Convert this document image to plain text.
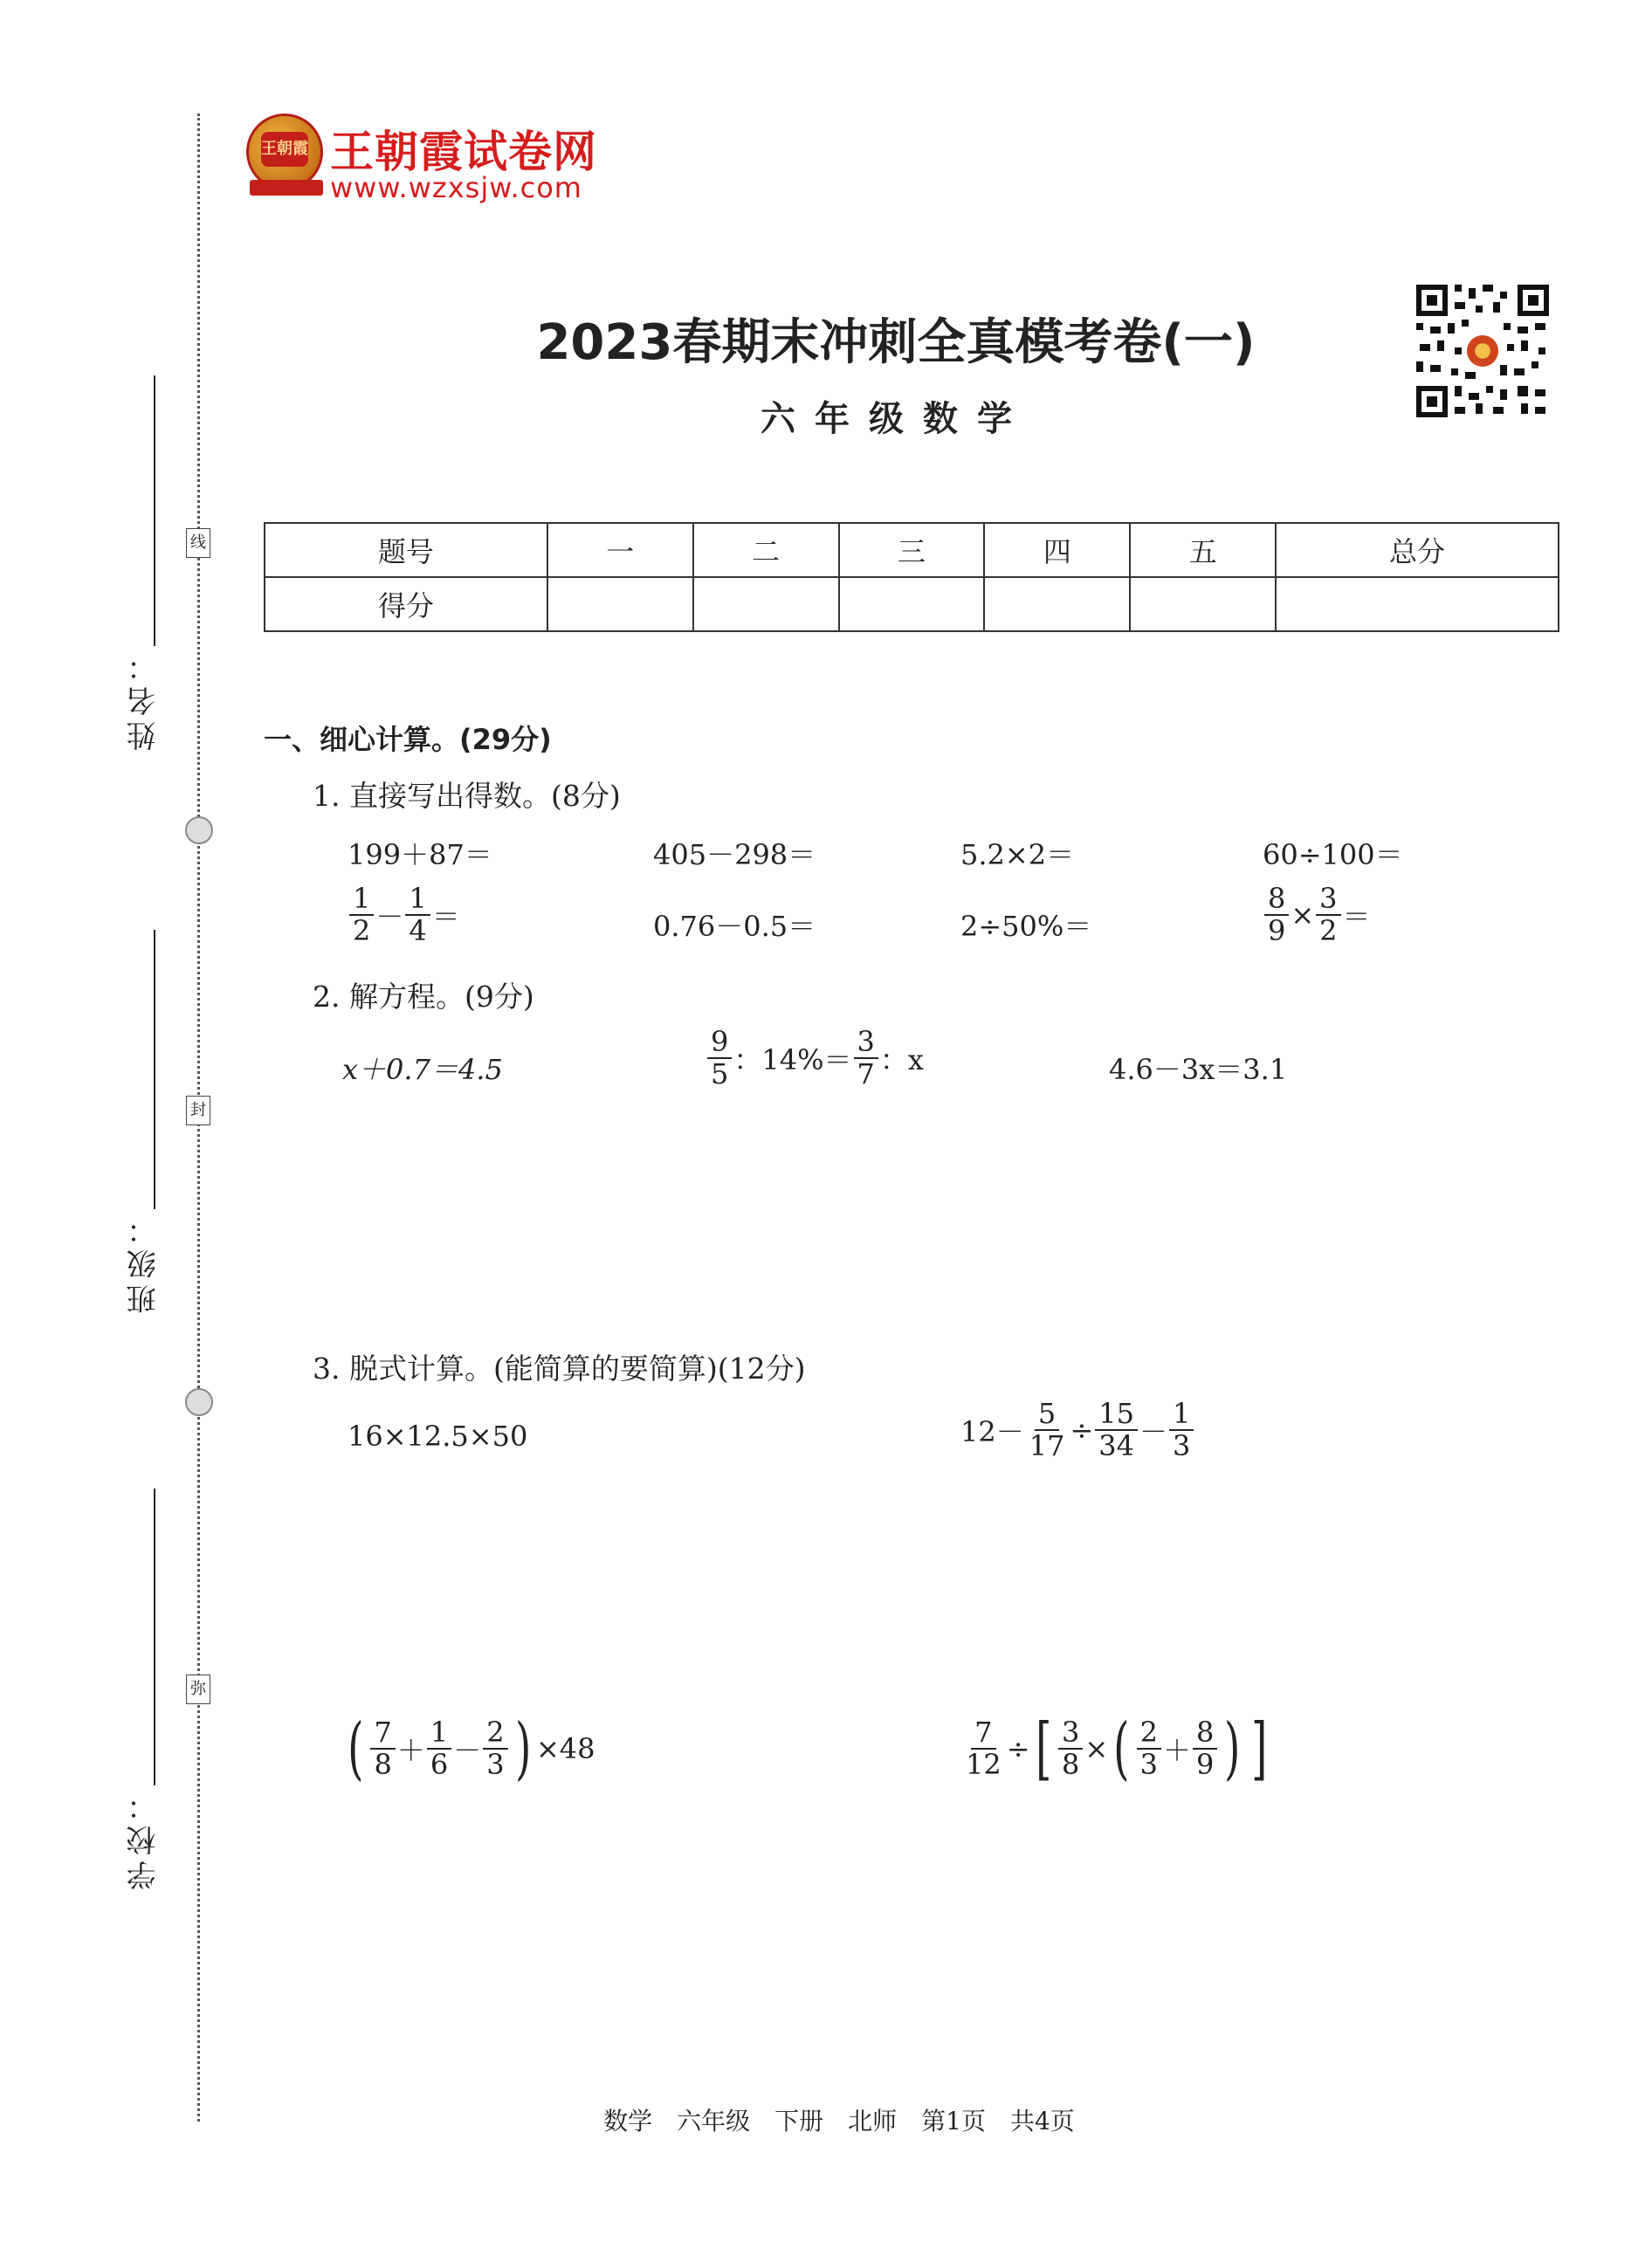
姓名：
线
班级：
封
学校：
弥
王朝霞 王朝霞试卷网
www.wzxsjw.com
2023春期末冲刺全真模考卷(一)
六年级数学
题号	一	二	三	四	五	总分
得分						
一、细心计算。(29分)
1. 直接写出得数。(8分)
199＋87＝	405－298＝	5.2×2＝	60÷100＝
$\frac{1}{2} - \frac{1}{4}$ ＝	0.76－0.5＝	2÷50%＝	$\frac{8}{9} \times \frac{3}{2}$ ＝
2. 解方程。(9分)
x＋0.7＝4.5	$\frac{9}{5}$ ：$14\%= \frac{3}{7}$ ：x	4.6－3x＝3.1
3. 脱式计算。(能简算的要简算)(12分)
16×12.5×50	$12- \frac{5}{17} \div \frac{15}{34} - \frac{1}{3}$
( $\frac{7}{8} + \frac{1}{6} - \frac{2}{3}$ ) ×48	$\frac{7}{12}$ ÷ [ $\frac{3}{8}$ × ( $\frac{2}{3} + \frac{8}{9}$ ) ]
数学　六年级　下册　北师　第1页　共4页
